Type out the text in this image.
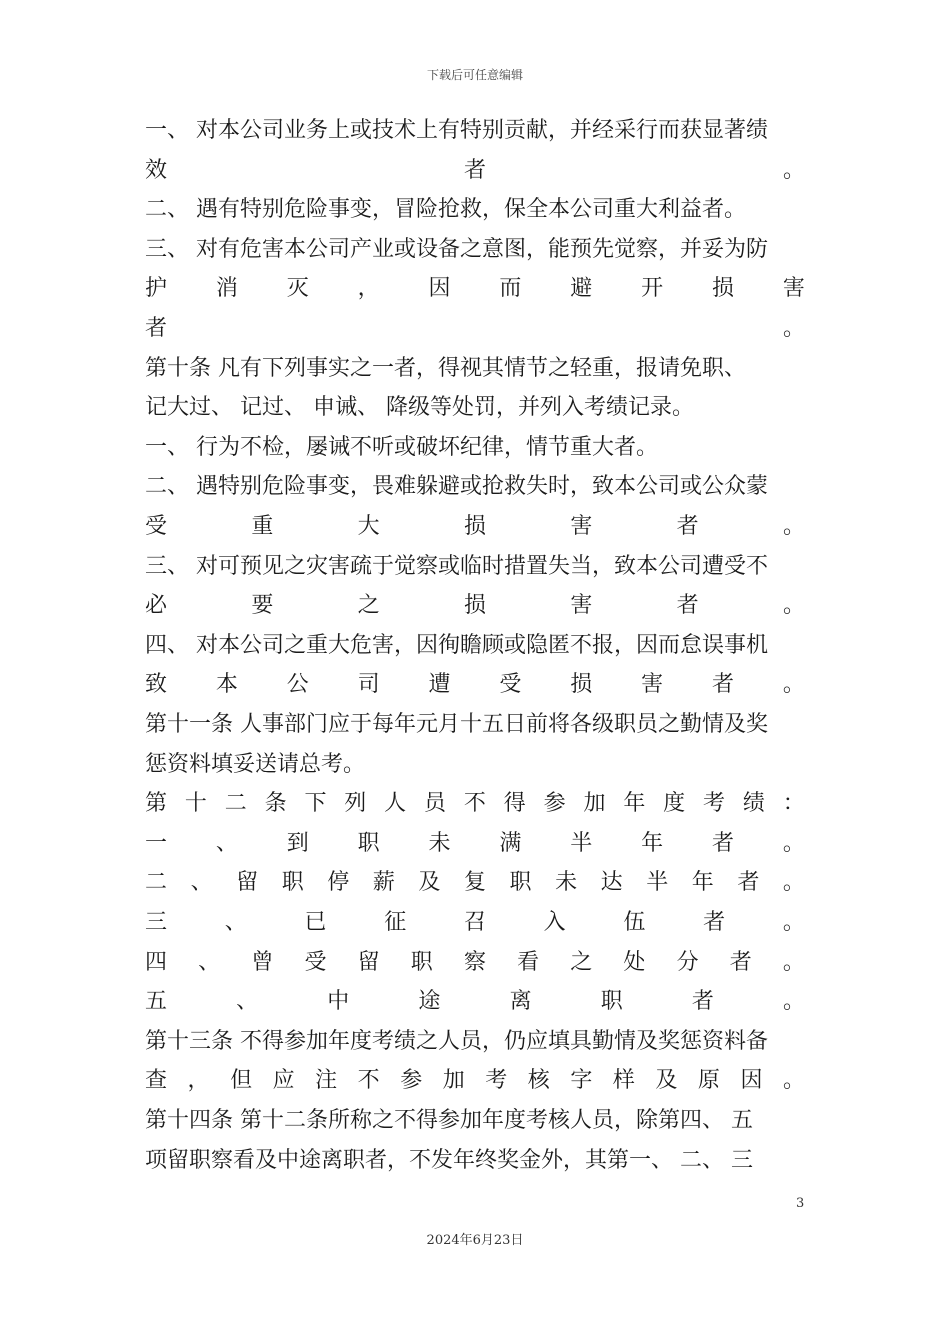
下载后可任意编辑
一、 对本公司业务上或技术上有特别贡献，并经采行而获显著绩
效	者	。
二、 遇有特别危险事变，冒险抢救，保全本公司重大利益者。
三、 对有危害本公司产业或设备之意图，能预先觉察，并妥为防
护 消 灭 ， 因 而 避 开 损 害
者	。
第十条 凡有下列事实之一者，得视其情节之轻重，报请免职、
记大过、 记过、 申诫、 降级等处罚，并列入考绩记录。
一、 行为不检，屡诫不听或破坏纪律，情节重大者。
二、 遇特别危险事变，畏难躲避或抢救失时，致本公司或公众蒙
受	重	大	损	害	者	。
三、 对可预见之灾害疏于觉察或临时措置失当，致本公司遭受不
必	要	之	损	害	者	。
四、 对本公司之重大危害，因徇瞻顾或隐匿不报，因而怠误事机
致 本 公 司 遭 受 损 害 者 。
第十一条 人事部门应于每年元月十五日前将各级职员之勤情及奖
惩资料填妥送请总考。
第 十 二 条 下 列 人 员 不 得 参 加 年 度 考 绩 ：
一 、 到 职 未 满 半 年 者 。
二 、 留 职 停 薪 及 复 职 未 达 半 年 者 。
三	、	已	征	召	入	伍	者	。
四 、 曾 受 留 职 察 看 之 处 分 者 。
五	、	中	途	离	职	者	。
第十三条 不得参加年度考绩之人员，仍应填具勤情及奖惩资料备
查 ， 但 应 注 不 参 加 考 核 字 样 及 原 因 。
第十四条 第十二条所称之不得参加年度考核人员，除第四、 五
项留职察看及中途离职者，不发年终奖金外，其第一、 二、 三
3
2024年6月23日
